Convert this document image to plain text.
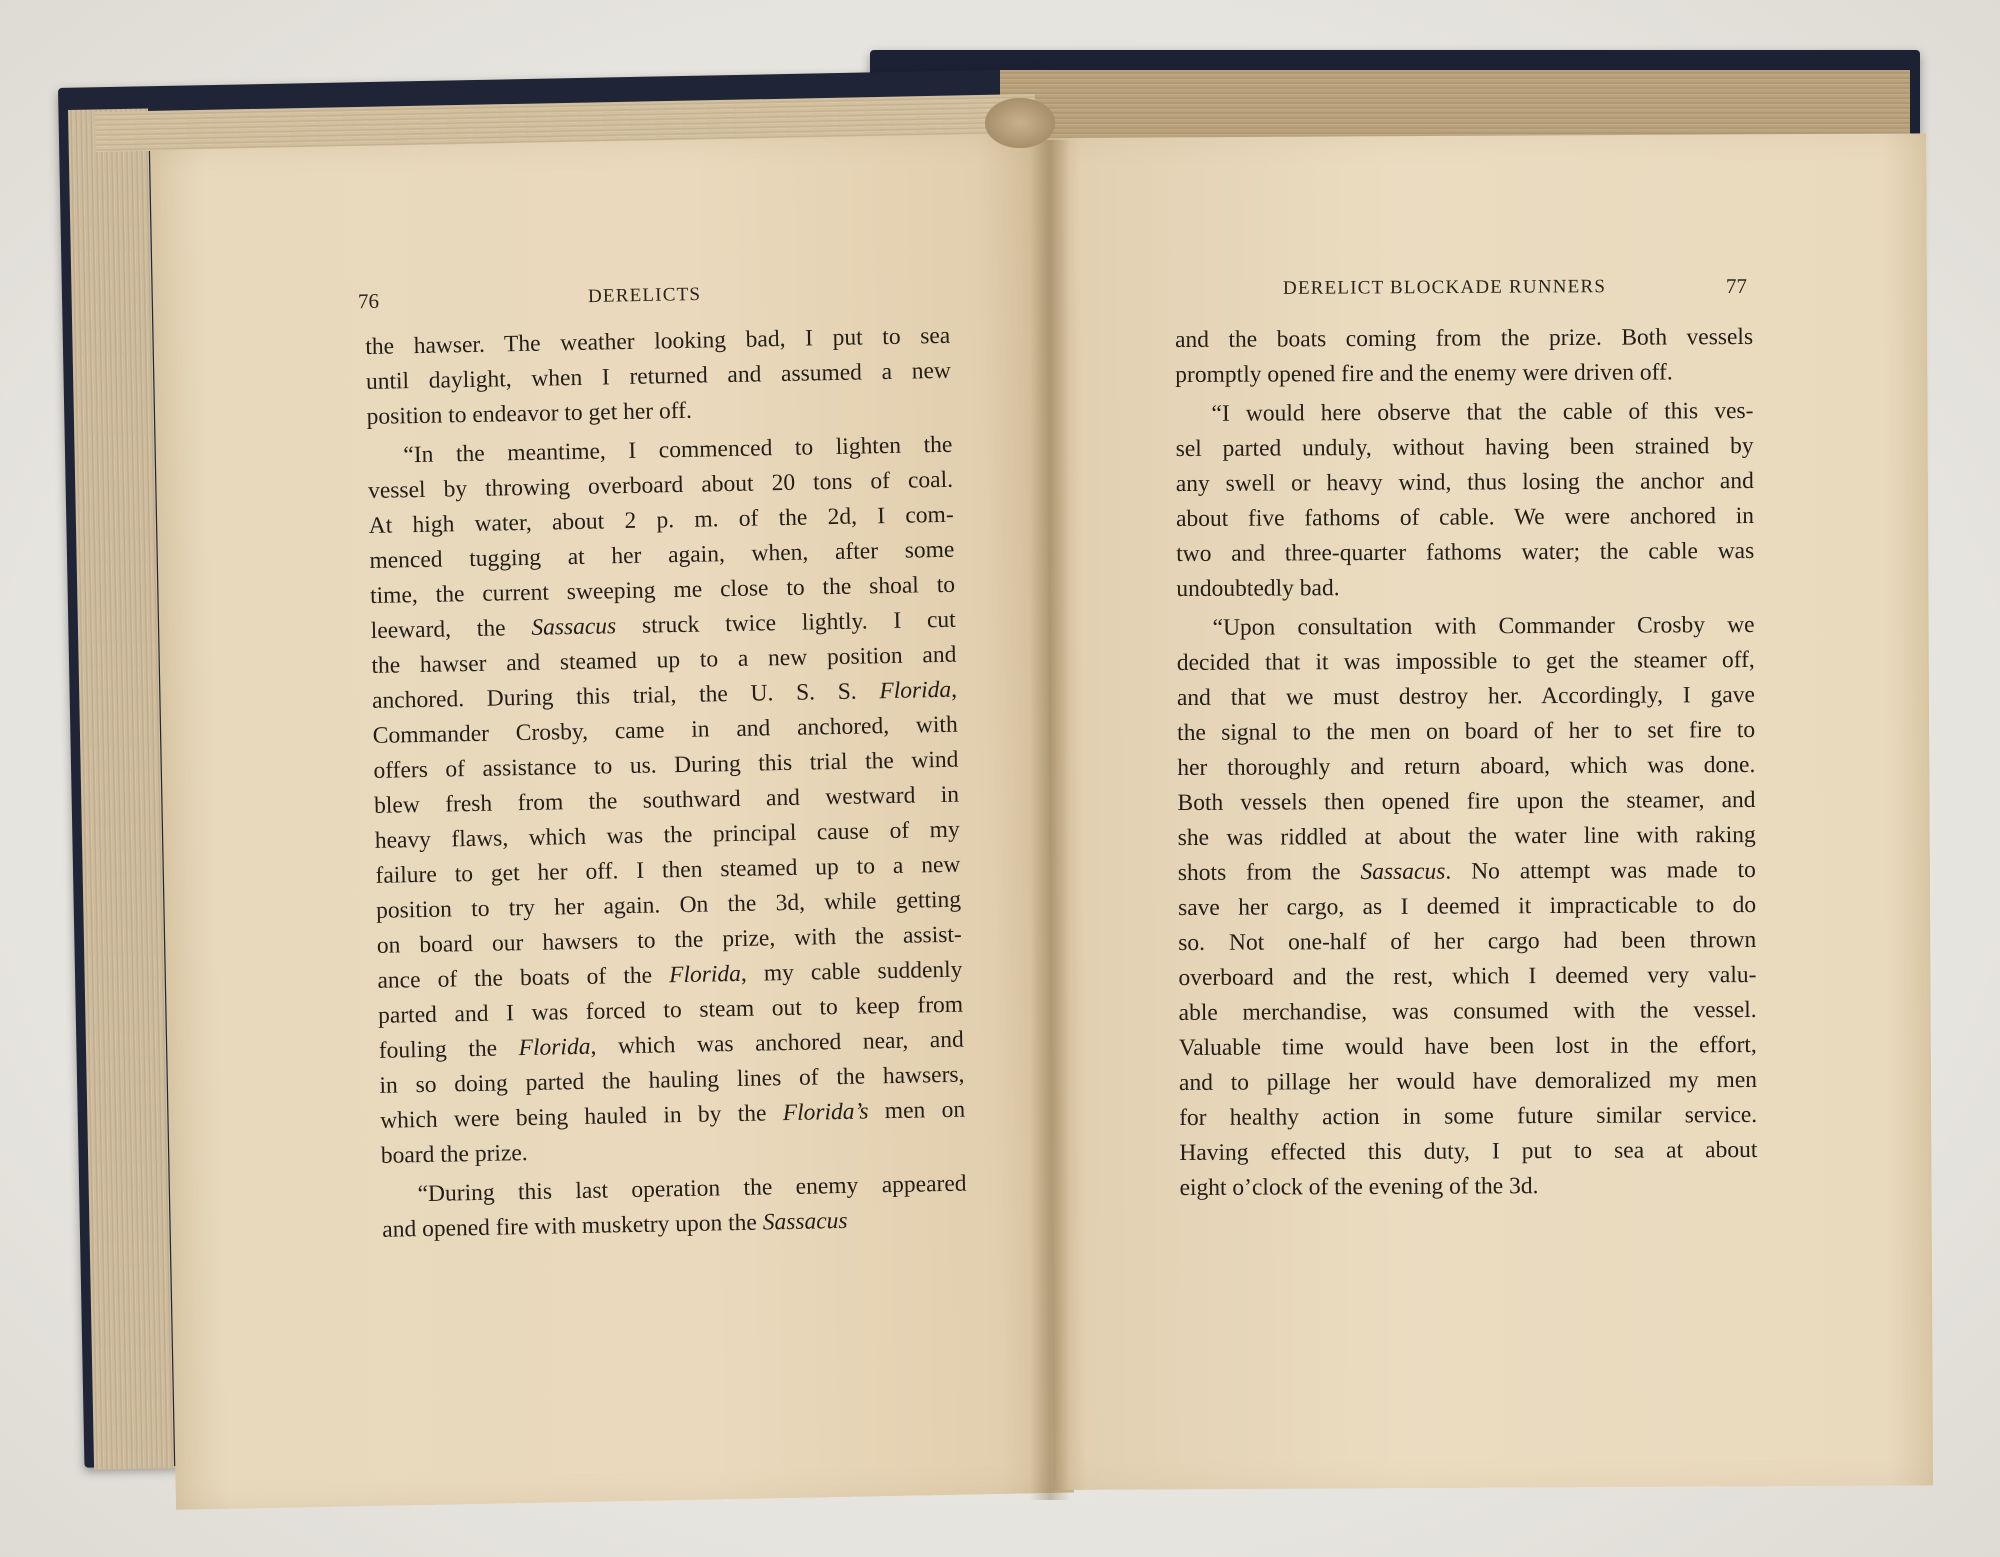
76	DERELICTS	DERELICT BLOCKADE RUNNERS	77
the hawser. The weather looking bad, I put to sea
until daylight, when I returned and assumed a new
position to endeavor to get her off.
“In the meantime, I commenced to lighten the
vessel by throwing overboard about 20 tons of coal.
At high water, about 2 p. m. of the 2d, I com-
menced tugging at her again, when, after some
time, the current sweeping me close to the shoal to
leeward, the Sassacus struck twice lightly. I cut
the hawser and steamed up to a new position and
anchored. During this trial, the U. S. S. Florida,
Commander Crosby, came in and anchored, with
offers of assistance to us. During this trial the wind
blew fresh from the southward and westward in
heavy flaws, which was the principal cause of my
failure to get her off. I then steamed up to a new
position to try her again. On the 3d, while getting
on board our hawsers to the prize, with the assist-
ance of the boats of the Florida, my cable suddenly
parted and I was forced to steam out to keep from
fouling the Florida, which was anchored near, and
in so doing parted the hauling lines of the hawsers,
which were being hauled in by the Florida’s men on
board the prize.
“During this last operation the enemy appeared
and opened fire with musketry upon the Sassacus
and the boats coming from the prize. Both vessels
promptly opened fire and the enemy were driven off.
“I would here observe that the cable of this ves-
sel parted unduly, without having been strained by
any swell or heavy wind, thus losing the anchor and
about five fathoms of cable. We were anchored in
two and three-quarter fathoms water; the cable was
undoubtedly bad.
“Upon consultation with Commander Crosby we
decided that it was impossible to get the steamer off,
and that we must destroy her. Accordingly, I gave
the signal to the men on board of her to set fire to
her thoroughly and return aboard, which was done.
Both vessels then opened fire upon the steamer, and
she was riddled at about the water line with raking
shots from the Sassacus. No attempt was made to
save her cargo, as I deemed it impracticable to do
so. Not one-half of her cargo had been thrown
overboard and the rest, which I deemed very valu-
able merchandise, was consumed with the vessel.
Valuable time would have been lost in the effort,
and to pillage her would have demoralized my men
for healthy action in some future similar service.
Having effected this duty, I put to sea at about
eight o’clock of the evening of the 3d.
